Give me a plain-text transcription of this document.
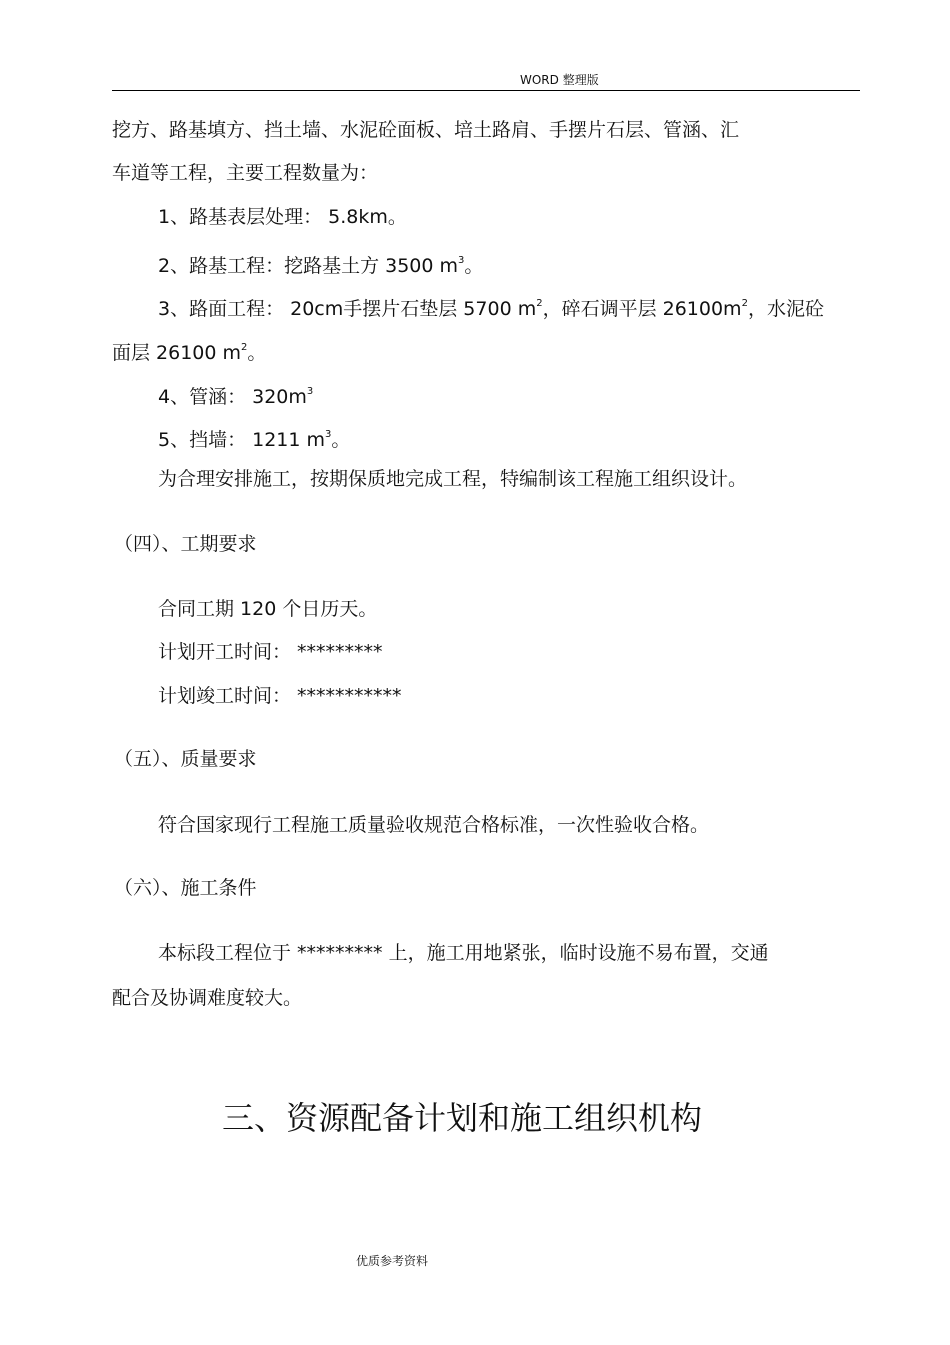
WORD 整理版
挖方、路基填方、挡土墙、水泥砼面板、培土路肩、手摆片石层、管涵、汇
车道等工程，主要工程数量为：
1、路基表层处理： 5.8km。
2、路基工程：挖路基土方 3500 $m^3$。
3、路面工程： 20cm手摆片石垫层 5700 $m^2$，碎石调平层 $26100m^2$，水泥砼
面层 26100 $m^2$。
4、管涵： $320m^3$
5、挡墙： 1211 $m^3$。
为合理安排施工，按期保质地完成工程，特编制该工程施工组织设计。
（四）、工期要求
合同工期 120 个日历天。
计划开工时间： *********
计划竣工时间： ***********
（五）、质量要求
符合国家现行工程施工质量验收规范合格标准，一次性验收合格。
（六）、施工条件
本标段工程位于 ********* 上，施工用地紧张，临时设施不易布置，交通
配合及协调难度较大。
三、资源配备计划和施工组织机构
优质参考资料
